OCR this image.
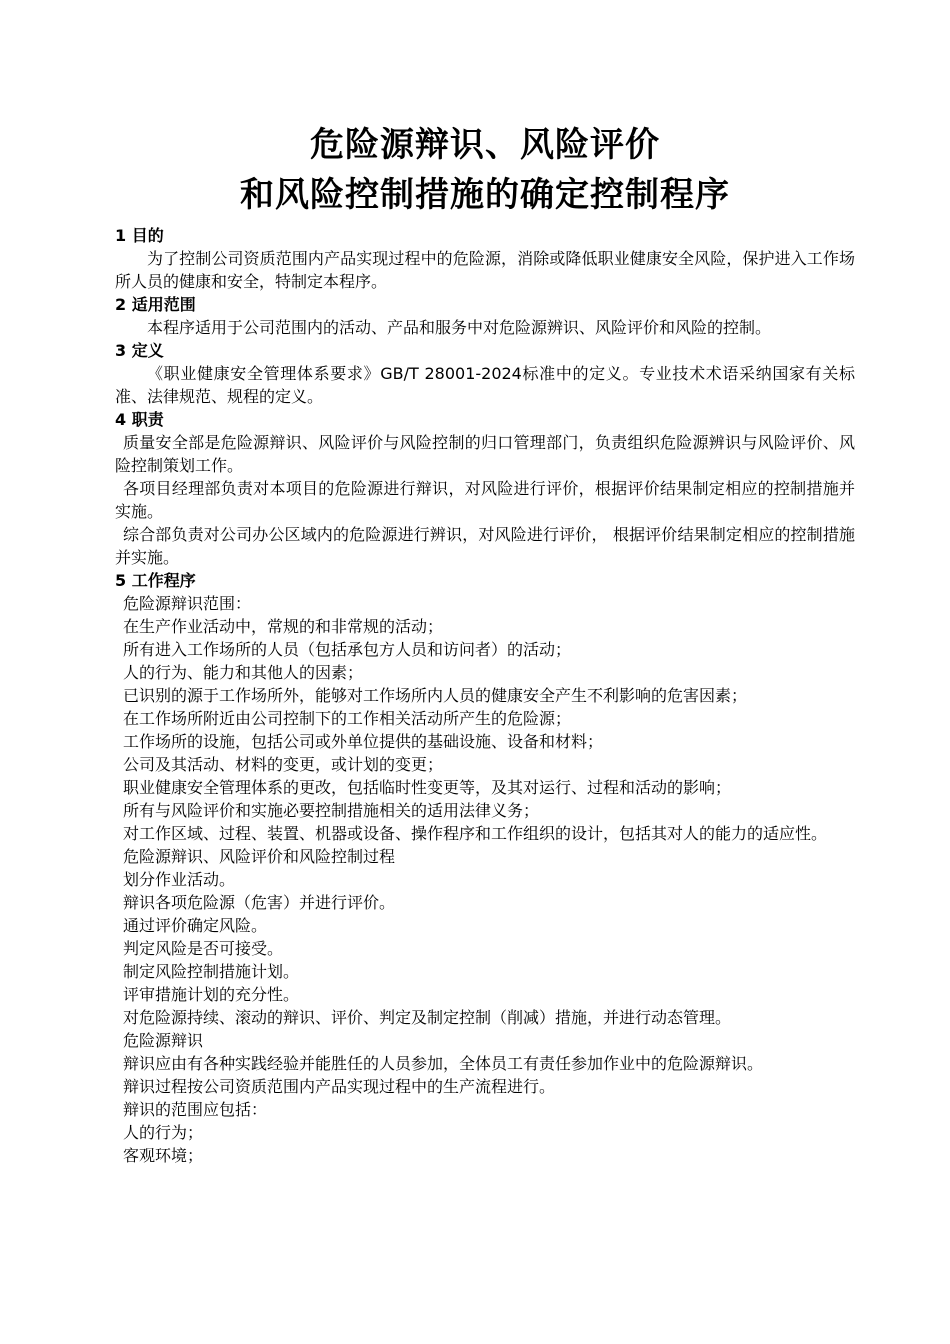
危险源辩识、风险评价
和风险控制措施的确定控制程序

1 目的

为了控制公司资质范围内产品实现过程中的危险源，消除或降低职业健康安全风险，保护进入工作场所人员的健康和安全，特制定本程序。

2 适用范围

本程序适用于公司范围内的活动、产品和服务中对危险源辨识、风险评价和风险的控制。

3 定义

《职业健康安全管理体系要求》GB/T 28001-2024标准中的定义。专业技术术语采纳国家有关标准、法律规范、规程的定义。

4 职责

质量安全部是危险源辩识、风险评价与风险控制的归口管理部门，负责组织危险源辨识与风险评价、风险控制策划工作。

各项目经理部负责对本项目的危险源进行辩识，对风险进行评价，根据评价结果制定相应的控制措施并实施。

综合部负责对公司办公区域内的危险源进行辨识，对风险进行评价， 根据评价结果制定相应的控制措施并实施。

5 工作程序

危险源辩识范围：

在生产作业活动中，常规的和非常规的活动；

所有进入工作场所的人员（包括承包方人员和访问者）的活动；

人的行为、能力和其他人的因素；

已识别的源于工作场所外，能够对工作场所内人员的健康安全产生不利影响的危害因素；

在工作场所附近由公司控制下的工作相关活动所产生的危险源；

工作场所的设施，包括公司或外单位提供的基础设施、设备和材料；

公司及其活动、材料的变更，或计划的变更；

职业健康安全管理体系的更改，包括临时性变更等，及其对运行、过程和活动的影响；

所有与风险评价和实施必要控制措施相关的适用法律义务；

对工作区域、过程、装置、机器或设备、操作程序和工作组织的设计，包括其对人的能力的适应性。

危险源辩识、风险评价和风险控制过程

划分作业活动。

辩识各项危险源（危害）并进行评价。

通过评价确定风险。

判定风险是否可接受。

制定风险控制措施计划。

评审措施计划的充分性。

对危险源持续、滚动的辩识、评价、判定及制定控制（削减）措施，并进行动态管理。

危险源辩识

辩识应由有各种实践经验并能胜任的人员参加，全体员工有责任参加作业中的危险源辩识。

辩识过程按公司资质范围内产品实现过程中的生产流程进行。

辩识的范围应包括：

人的行为；

客观环境；
